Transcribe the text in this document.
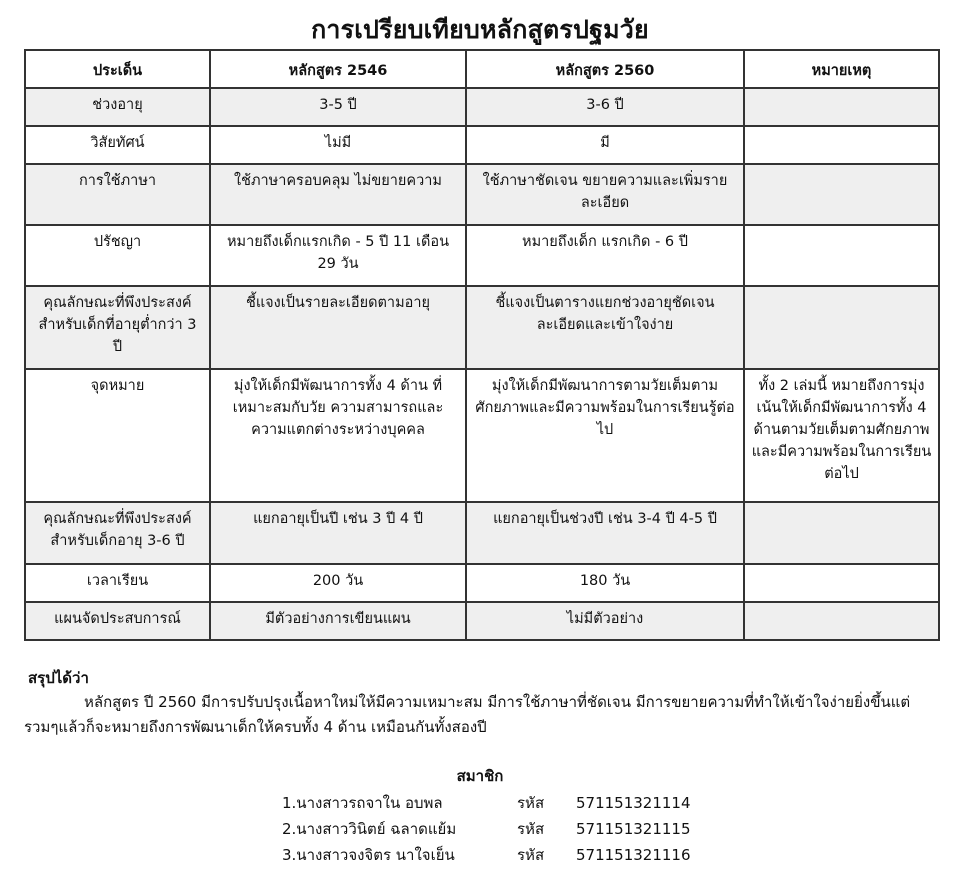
การเปรียบเทียบหลักสูตรปฐมวัย
ประเด็น	หลักสูตร 2546	หลักสูตร 2560	หมายเหตุ
ช่วงอายุ	3-5 ปี	3-6 ปี	
วิสัยทัศน์	ไม่มี	มี	
การใช้ภาษา	ใช้ภาษาครอบคลุม ไม่ขยายความ	ใช้ภาษาชัดเจน ขยายความและเพิ่มรายละเอียด	
ปรัชญา	หมายถึงเด็กแรกเกิด - 5 ปี 11 เดือน 29 วัน	หมายถึงเด็ก แรกเกิด - 6 ปี	
คุณลักษณะที่พึงประสงค์สำหรับเด็กที่อายุต่ำกว่า 3 ปี	ชี้แจงเป็นรายละเอียดตามอายุ	ชี้แจงเป็นตารางแยกช่วงอายุชัดเจน ละเอียดและเข้าใจง่าย	
จุดหมาย	มุ่งให้เด็กมีพัฒนาการทั้ง 4 ด้าน ที่เหมาะสมกับวัย ความสามารถและความแตกต่างระหว่างบุคคล	มุ่งให้เด็กมีพัฒนาการตามวัยเต็มตามศักยภาพและมีความพร้อมในการเรียนรู้ต่อไป	ทั้ง 2 เล่มนี้ หมายถึงการมุ่งเน้นให้เด็กมีพัฒนาการทั้ง 4 ด้านตามวัยเต็มตามศักยภาพและมีความพร้อมในการเรียนต่อไป
คุณลักษณะที่พึงประสงค์สำหรับเด็กอายุ 3-6 ปี	แยกอายุเป็นปี เช่น 3 ปี 4 ปี	แยกอายุเป็นช่วงปี เช่น 3-4 ปี 4-5 ปี	
เวลาเรียน	200 วัน	180 วัน	
แผนจัดประสบการณ์	มีตัวอย่างการเขียนแผน	ไม่มีตัวอย่าง	
สรุปได้ว่า

หลักสูตร ปี 2560 มีการปรับปรุงเนื้อหาใหม่ให้มีความเหมาะสม มีการใช้ภาษาที่ชัดเจน มีการขยายความที่ทำให้เข้าใจง่ายยิ่งขึ้นแต่รวมๆแล้วก็จะหมายถึงการพัฒนาเด็กให้ครบทั้ง 4 ด้าน เหมือนกันทั้งสองปี

สมาชิก
1.นางสาวรถจาใน อบพล	รหัส 571151321114
2.นางสาววินิตย์ ฉลาดแย้ม	รหัส 571151321115
3.นางสาวจงจิตร นาใจเย็น	รหัส 571151321116
